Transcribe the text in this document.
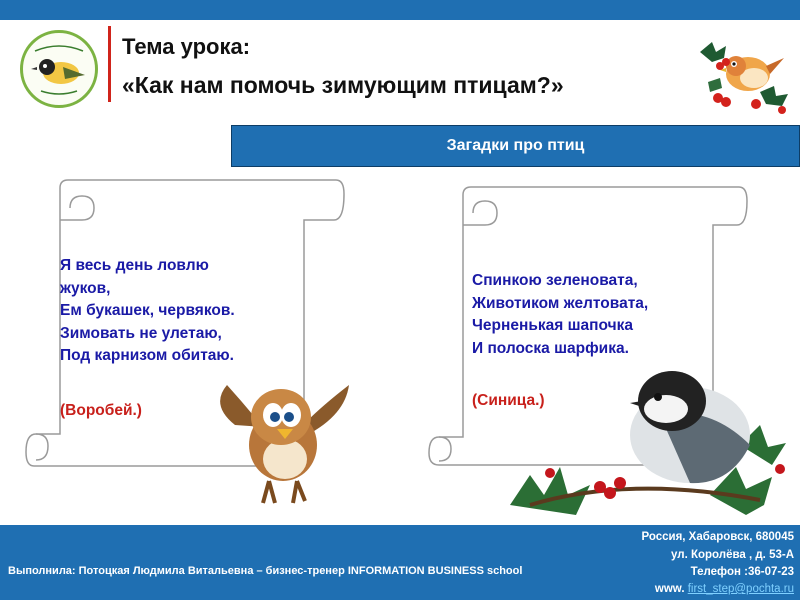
Тема урока:
«Как нам помочь зимующим птицам?»
Загадки про птиц
Я весь день ловлю
жуков,
Ем букашек, червяков.
Зимовать не улетаю,
Под карнизом обитаю.
(Воробей.)
Спинкою зеленовата,
Животиком желтовата,
Черненькая шапочка
И полоска шарфика.
(Синица.)
Выполнила: Потоцкая Людмила Витальевна – бизнес-тренер INFORMATION BUSINESS school
Россия, Хабаровск, 680045
ул. Королёва , д. 53-А
Телефон :36-07-23
www. first_step@pochta.ru
